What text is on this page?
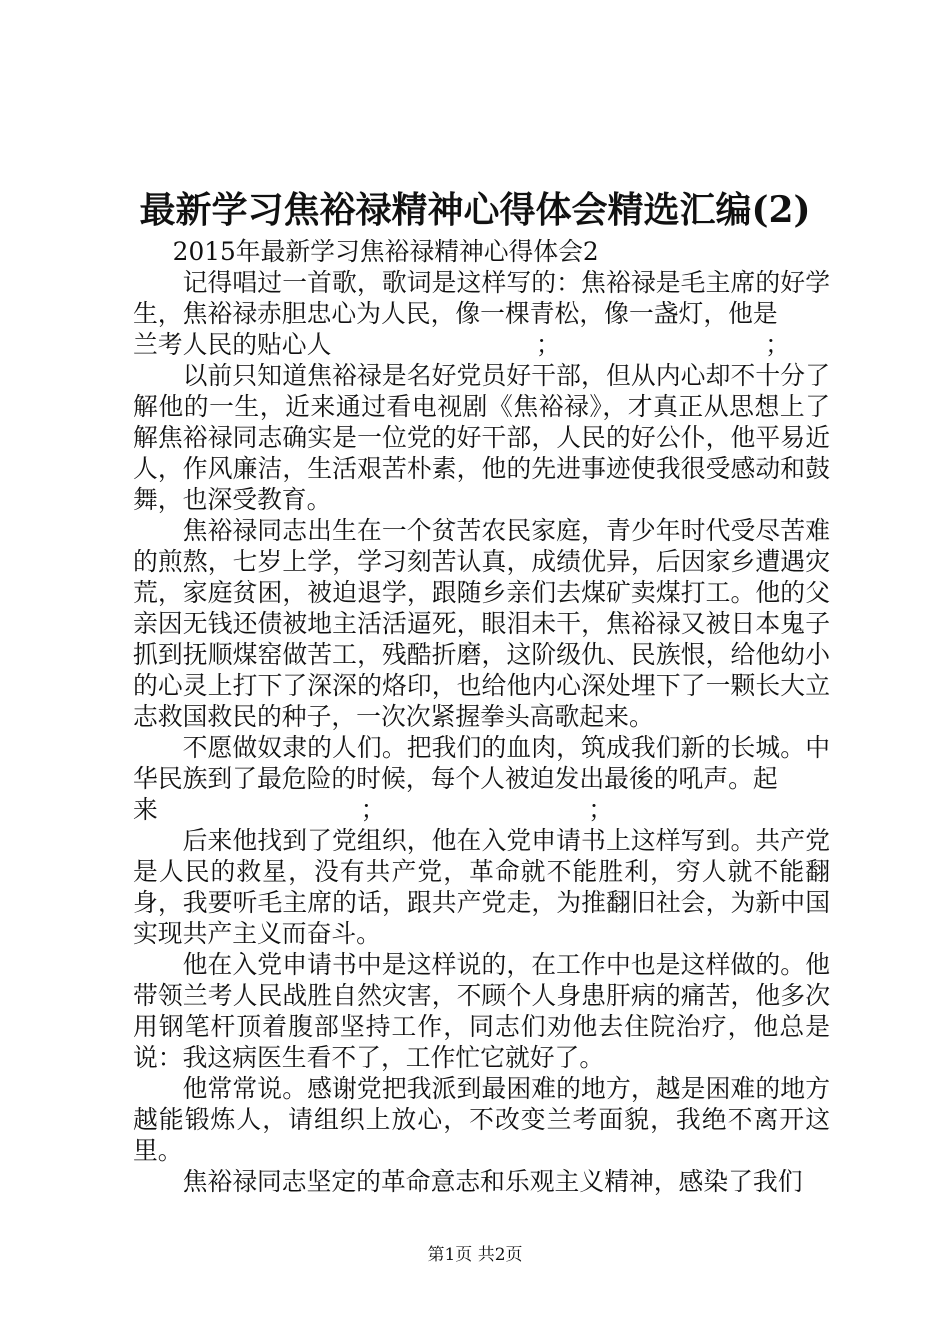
最新学习焦裕禄精神心得体会精选汇编(2)

2015年最新学习焦裕禄精神心得体会2

记得唱过一首歌，歌词是这样写的：焦裕禄是毛主席的好学生，焦裕禄赤胆忠心为人民，像一棵青松，像一盏灯，他是

兰考人民的贴心人	；	；

以前只知道焦裕禄是名好党员好干部，但从内心却不十分了解他的一生，近来通过看电视剧《焦裕禄》，才真正从思想上了解焦裕禄同志确实是一位党的好干部，人民的好公仆，他平易近人，作风廉洁，生活艰苦朴素，他的先进事迹使我很受感动和鼓舞，也深受教育。

焦裕禄同志出生在一个贫苦农民家庭，青少年时代受尽苦难的煎熬，七岁上学，学习刻苦认真，成绩优异，后因家乡遭遇灾荒，家庭贫困，被迫退学，跟随乡亲们去煤矿卖煤打工。他的父亲因无钱还债被地主活活逼死，眼泪未干，焦裕禄又被日本鬼子抓到抚顺煤窑做苦工，残酷折磨，这阶级仇、民族恨，给他幼小的心灵上打下了深深的烙印，也给他内心深处埋下了一颗长大立志救国救民的种子，一次次紧握拳头高歌起来。

不愿做奴隶的人们。把我们的血肉，筑成我们新的长城。中华民族到了最危险的时候，每个人被迫发出最後的吼声。起

来	；	；

后来他找到了党组织，他在入党申请书上这样写到。共产党是人民的救星，没有共产党，革命就不能胜利，穷人就不能翻身，我要听毛主席的话，跟共产党走，为推翻旧社会，为新中国实现共产主义而奋斗。

他在入党申请书中是这样说的，在工作中也是这样做的。他带领兰考人民战胜自然灾害，不顾个人身患肝病的痛苦，他多次用钢笔杆顶着腹部坚持工作，同志们劝他去住院治疗，他总是说：我这病医生看不了，工作忙它就好了。

他常常说。感谢党把我派到最困难的地方，越是困难的地方越能锻炼人，请组织上放心，不改变兰考面貌，我绝不离开这里。

焦裕禄同志坚定的革命意志和乐观主义精神，感染了我们

第1页 共2页
